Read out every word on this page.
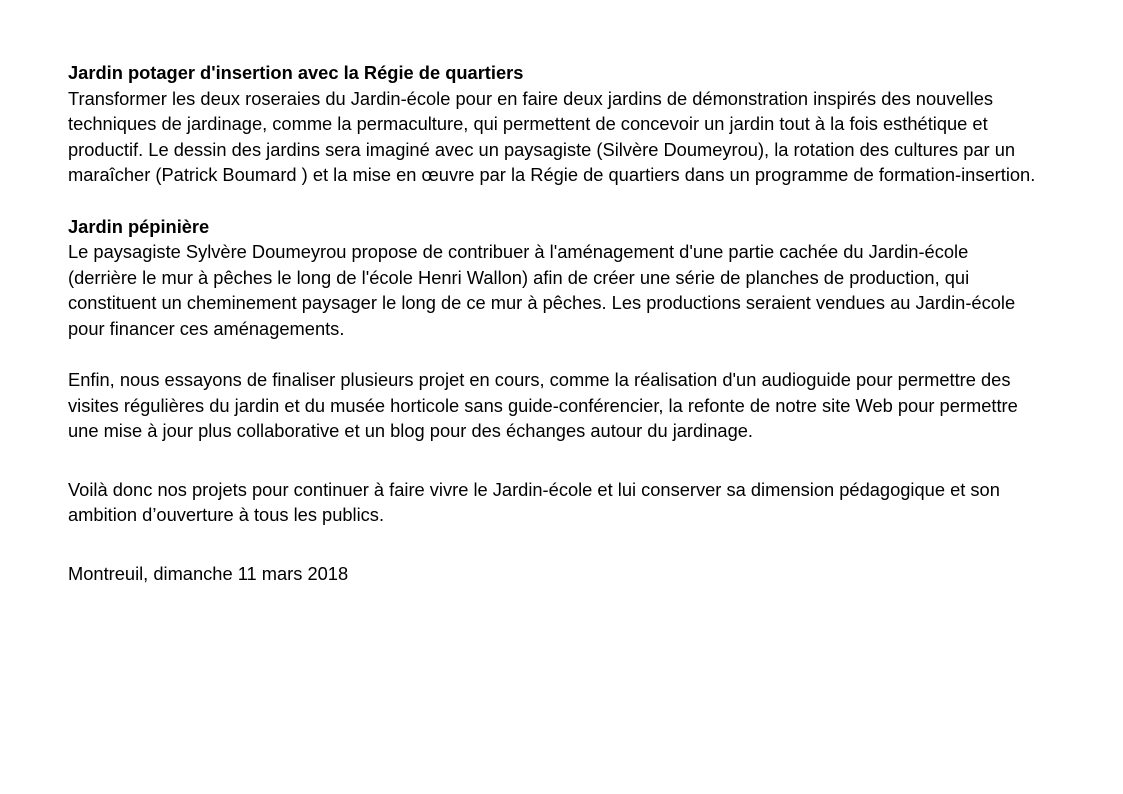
Jardin potager d'insertion avec la Régie de quartiers

Transformer les deux roseraies du Jardin-école pour en faire deux jardins de démonstration inspirés des nouvelles techniques de jardinage, comme la permaculture, qui permettent de concevoir un jardin tout à la fois esthétique et productif. Le dessin des jardins sera imaginé avec un paysagiste (Silvère Doumeyrou), la rotation des cultures par un maraîcher (Patrick Boumard ) et la mise en œuvre par la Régie de quartiers dans un programme de formation-insertion.

Jardin pépinière

Le paysagiste Sylvère Doumeyrou propose de contribuer à l'aménagement d'une partie cachée du Jardin-école (derrière le mur à pêches le long de l'école Henri Wallon) afin de créer une série de planches de production, qui constituent un cheminement paysager le long de ce mur à pêches. Les productions seraient vendues au Jardin-école pour financer ces aménagements.

Enfin, nous essayons de finaliser plusieurs projet en cours, comme la réalisation d'un audioguide pour permettre des visites régulières du jardin et du musée horticole sans guide-conférencier, la refonte de notre site Web pour permettre une mise à jour plus collaborative et un blog pour des échanges autour du jardinage.

Voilà donc nos projets pour continuer à faire vivre le Jardin-école et lui conserver sa dimension pédagogique et son ambition d’ouverture à tous les publics.

Montreuil, dimanche 11 mars 2018
